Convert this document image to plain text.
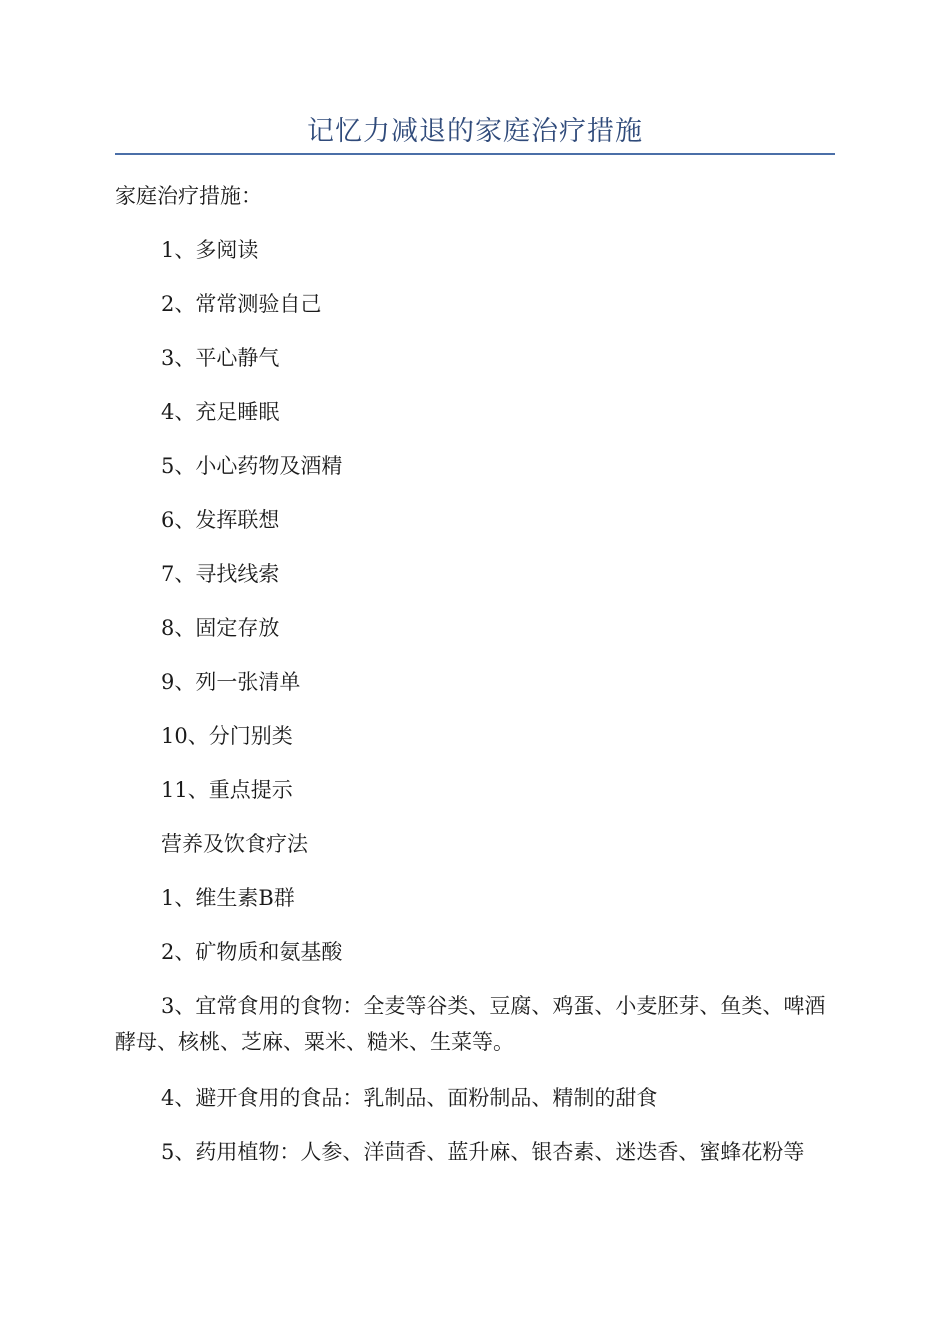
记忆力减退的家庭治疗措施
家庭治疗措施：
1、多阅读
2、常常测验自己
3、平心静气
4、充足睡眠
5、小心药物及酒精
6、发挥联想
7、寻找线索
8、固定存放
9、列一张清单
10、分门别类
11、重点提示
营养及饮食疗法
1、维生素B群
2、矿物质和氨基酸
3、宜常食用的食物：全麦等谷类、豆腐、鸡蛋、小麦胚芽、鱼类、啤酒酵母、核桃、芝麻、粟米、糙米、生菜等。
4、避开食用的食品：乳制品、面粉制品、精制的甜食
5、药用植物：人参、洋茴香、蓝升麻、银杏素、迷迭香、蜜蜂花粉等
